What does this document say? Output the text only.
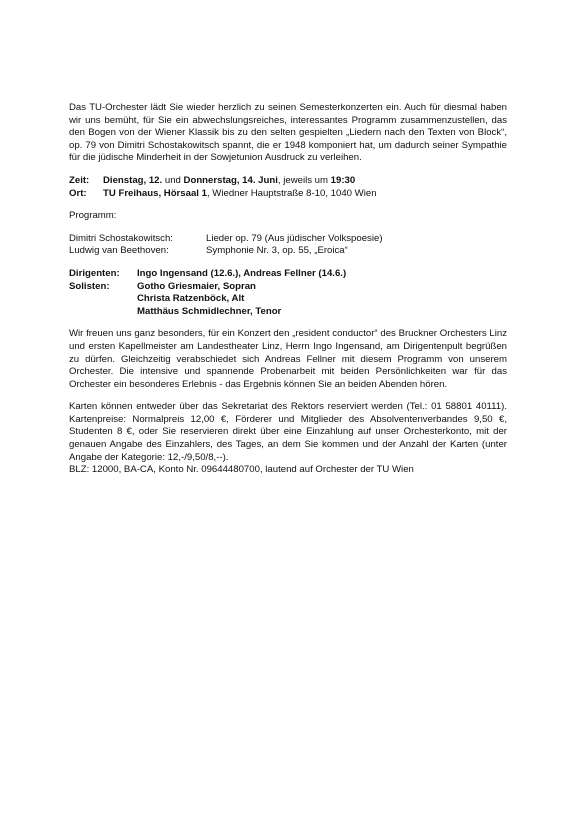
Das TU-Orchester lädt Sie wieder herzlich zu seinen Semesterkonzerten ein. Auch für diesmal haben wir uns bemüht, für Sie ein abwechslungsreiches, interessantes Programm zusammenzustellen, das den Bogen von der Wiener Klassik bis zu den selten gespielten „Liedern nach den Texten von Block“, op. 79 von Dimitri Schostakowitsch spannt, die er 1948 komponiert hat, um dadurch seiner Sympathie für die jüdische Minderheit in der Sowjetunion Ausdruck zu verleihen.

Zeit:	Dienstag, 12. und Donnerstag, 14. Juni , jeweils um 19:30
Ort:	TU Freihaus, Hörsaal 1 , Wiedner Hauptstraße 8-10, 1040 Wien

Programm:

Dimitri Schostakowitsch:	Lieder op. 79 (Aus jüdischer Volkspoesie)
Ludwig van Beethoven:	Symphonie Nr. 3, op. 55, „Eroica“
Dirigenten:	Ingo Ingensand (12.6.), Andreas Fellner (14.6.)
Solisten:	Gotho Griesmaier, Sopran
Christa Ratzenböck, Alt
Matthäus Schmidlechner, Tenor

Wir freuen uns ganz besonders, für ein Konzert den „resident conductor“ des Bruckner Orchesters Linz und ersten Kapellmeister am Landestheater Linz, Herrn Ingo Ingensand, am Dirigentenpult begrüßen zu dürfen. Gleichzeitig verabschiedet sich Andreas Fellner mit diesem Programm von unserem Orchester. Die intensive und spannende Probenarbeit mit beiden Persönlichkeiten war für das Orchester ein besonderes Erlebnis - das Ergebnis können Sie an beiden Abenden hören.

Karten können entweder über das Sekretariat des Rektors reserviert werden (Tel.: 01 58801 40111). Kartenpreise: Normalpreis 12,00 €, Förderer und Mitglieder des Absolventenverbandes 9,50 €, Studenten 8 €, oder Sie reservieren direkt über eine Einzahlung auf unser Orchesterkonto, mit der genauen Angabe des Einzahlers, des Tages, an dem Sie kommen und der Anzahl der Karten (unter Angabe der Kategorie: 12,-/9,50/8,--).

BLZ: 12000, BA-CA, Konto Nr. 09644480700, lautend auf Orchester der TU Wien
